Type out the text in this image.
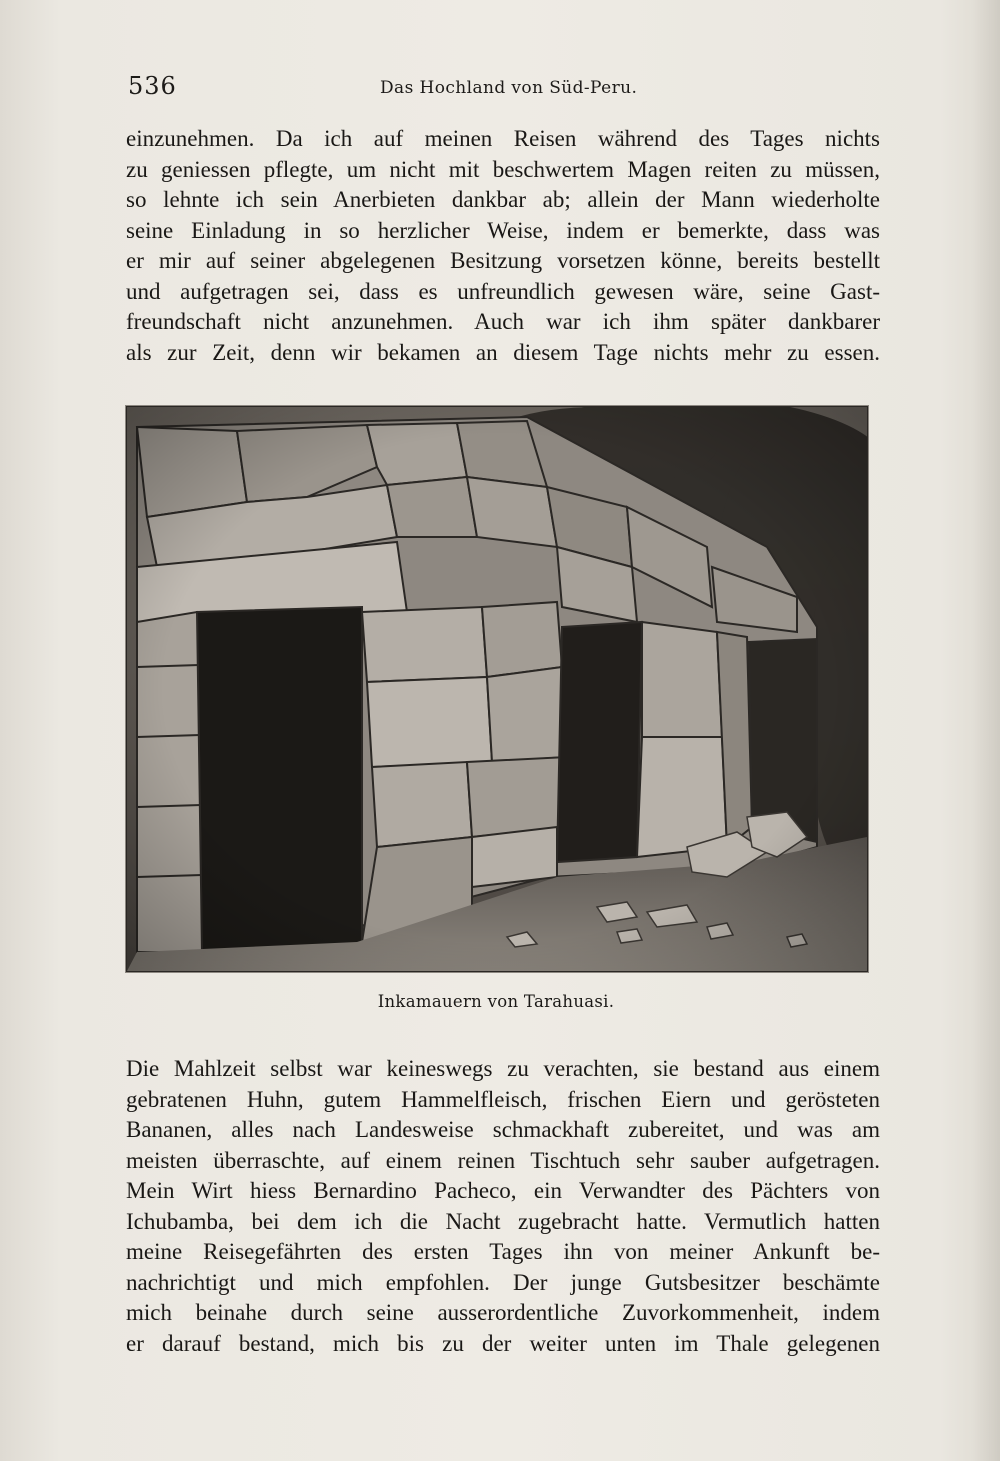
536	Das Hochland von Süd-Peru.
einzunehmen. Da ich auf meinen Reisen während des Tages nichts
zu geniessen pflegte, um nicht mit beschwertem Magen reiten zu müssen,
so lehnte ich sein Anerbieten dankbar ab; allein der Mann wiederholte
seine Einladung in so herzlicher Weise, indem er bemerkte, dass was
er mir auf seiner abgelegenen Besitzung vorsetzen könne, bereits bestellt
und aufgetragen sei, dass es unfreundlich gewesen wäre, seine Gast-
freundschaft nicht anzunehmen. Auch war ich ihm später dankbarer
als zur Zeit, denn wir bekamen an diesem Tage nichts mehr zu essen.
Inkamauern von Tarahuasi.
Die Mahlzeit selbst war keineswegs zu verachten, sie bestand aus einem
gebratenen Huhn, gutem Hammelfleisch, frischen Eiern und gerösteten
Bananen, alles nach Landesweise schmackhaft zubereitet, und was am
meisten überraschte, auf einem reinen Tischtuch sehr sauber aufgetragen.
Mein Wirt hiess Bernardino Pacheco, ein Verwandter des Pächters von
Ichubamba, bei dem ich die Nacht zugebracht hatte. Vermutlich hatten
meine Reisegefährten des ersten Tages ihn von meiner Ankunft be-
nachrichtigt und mich empfohlen. Der junge Gutsbesitzer beschämte
mich beinahe durch seine ausserordentliche Zuvorkommenheit, indem
er darauf bestand, mich bis zu der weiter unten im Thale gelegenen
